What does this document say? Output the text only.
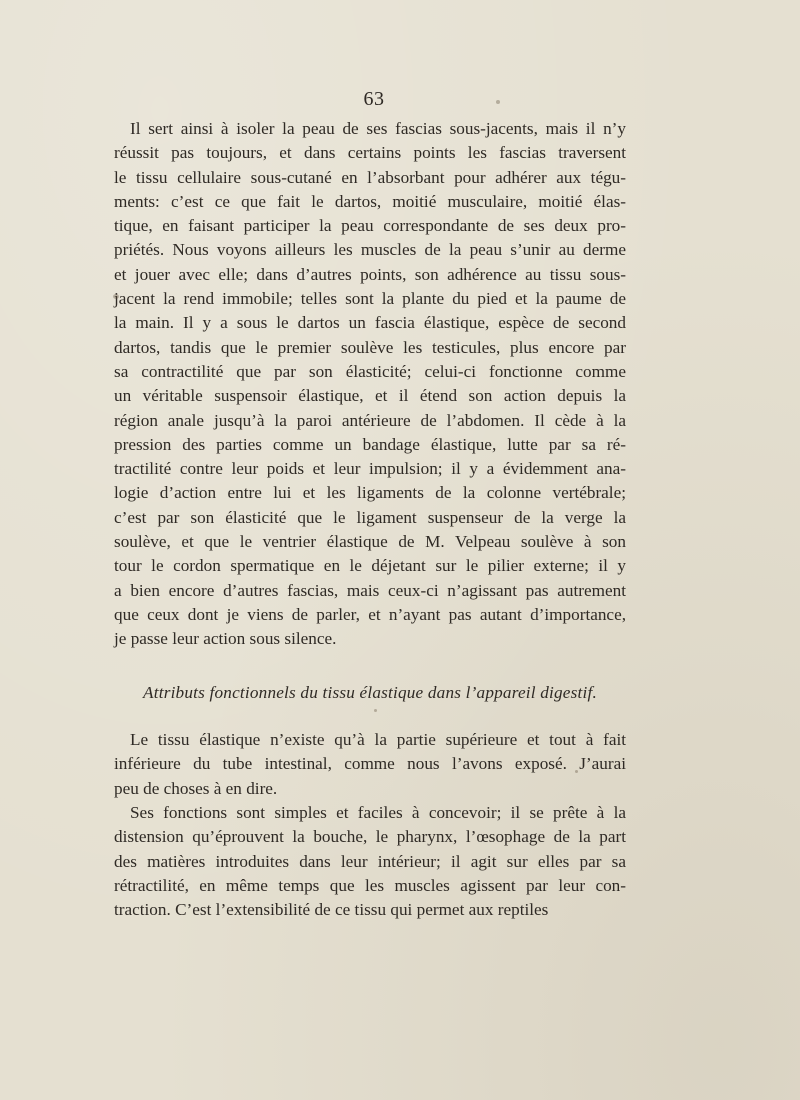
63
Il sert ainsi à isoler la peau de ses fascias sous-jacents, mais il n’y
réussit pas toujours, et dans certains points les fascias traversent
le tissu cellulaire sous-cutané en l’absorbant pour adhérer aux tégu-
ments: c’est ce que fait le dartos, moitié musculaire, moitié élas-
tique, en faisant participer la peau correspondante de ses deux pro-
priétés. Nous voyons ailleurs les muscles de la peau s’unir au derme
et jouer avec elle; dans d’autres points, son adhérence au tissu sous-
jacent la rend immobile; telles sont la plante du pied et la paume de
la main. Il y a sous le dartos un fascia élastique, espèce de second
dartos, tandis que le premier soulève les testicules, plus encore par
sa contractilité que par son élasticité; celui-ci fonctionne comme
un véritable suspensoir élastique, et il étend son action depuis la
région anale jusqu’à la paroi antérieure de l’abdomen. Il cède à la
pression des parties comme un bandage élastique, lutte par sa ré-
tractilité contre leur poids et leur impulsion; il y a évidemment ana-
logie d’action entre lui et les ligaments de la colonne vertébrale;
c’est par son élasticité que le ligament suspenseur de la verge la
soulève, et que le ventrier élastique de M. Velpeau soulève à son
tour le cordon spermatique en le déjetant sur le pilier externe; il y
a bien encore d’autres fascias, mais ceux-ci n’agissant pas autrement
que ceux dont je viens de parler, et n’ayant pas autant d’importance,
je passe leur action sous silence.
Attributs fonctionnels du tissu élastique dans l’appareil digestif.
Le tissu élastique n’existe qu’à la partie supérieure et tout à fait
inférieure du tube intestinal, comme nous l’avons exposé. J’aurai
peu de choses à en dire.
Ses fonctions sont simples et faciles à concevoir; il se prête à la
distension qu’éprouvent la bouche, le pharynx, l’œsophage de la part
des matières introduites dans leur intérieur; il agit sur elles par sa
rétractilité, en même temps que les muscles agissent par leur con-
traction. C’est l’extensibilité de ce tissu qui permet aux reptiles
